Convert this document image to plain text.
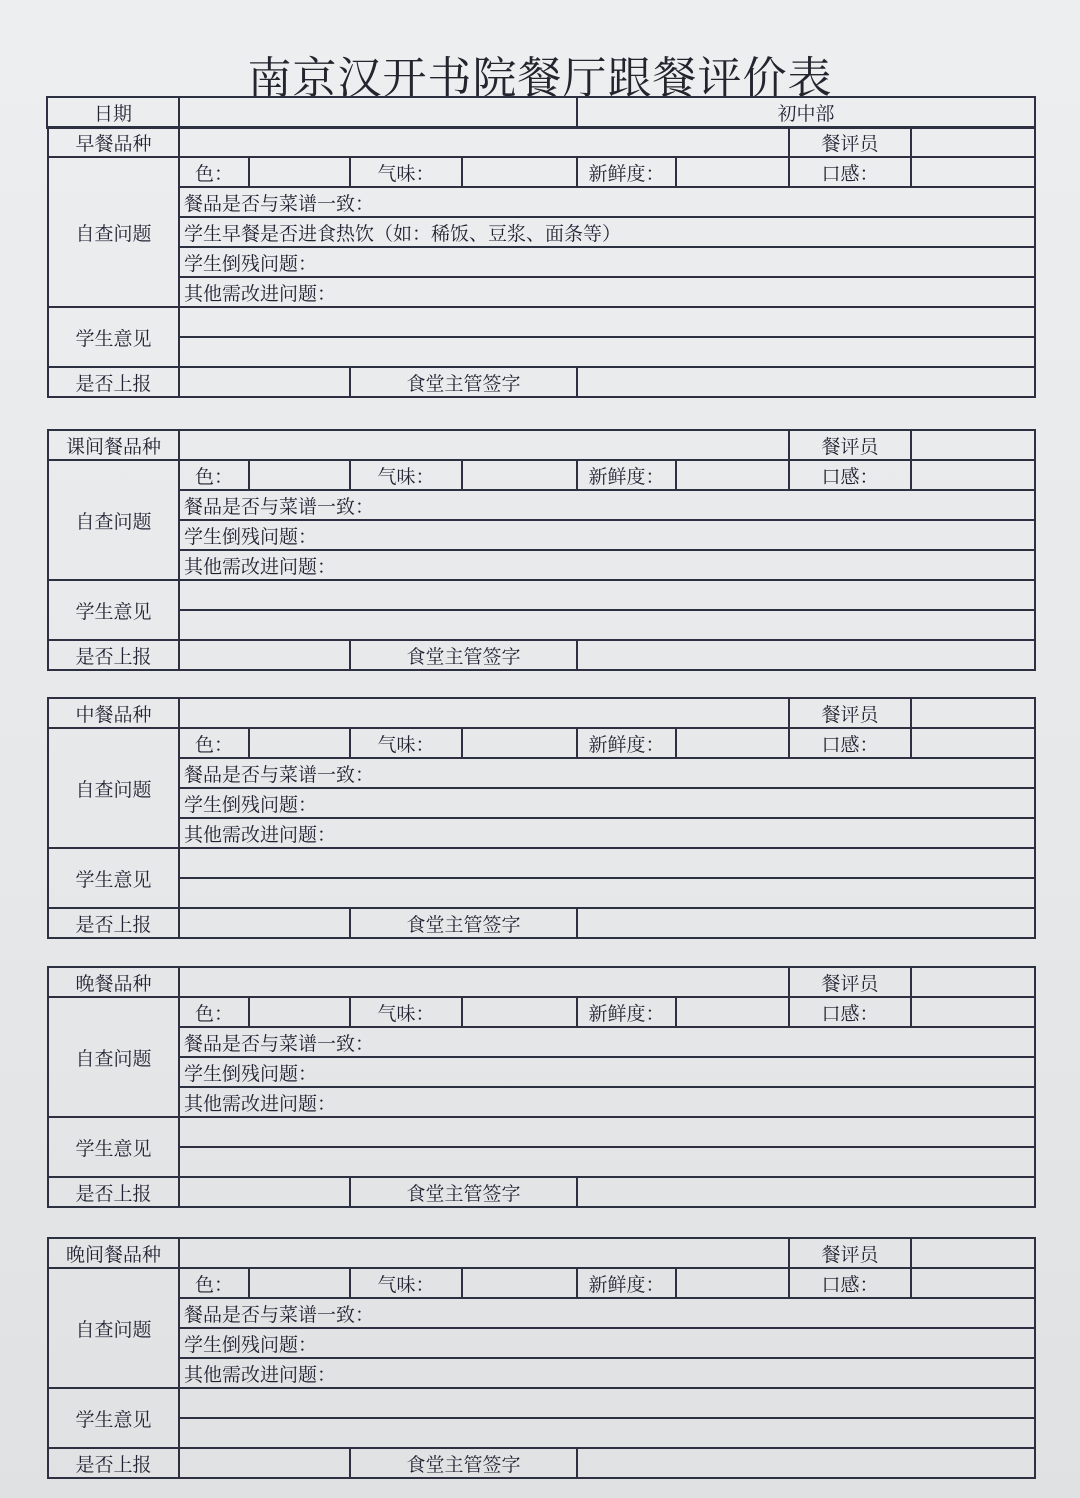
南京汉开书院餐厅跟餐评价表
日期		初中部
早餐品种							餐评员	
自查问题	色：		气味：		新鲜度：		口感：	
	餐品是否与菜谱一致：							
	学生早餐是否进食热饮（如：稀饭、豆浆、面条等）							
	学生倒残问题：							
	其他需改进问题：							
学生意见								

是否上报			食堂主管签字					
课间餐品种							餐评员	
自查问题	色：		气味：		新鲜度：		口感：	
	餐品是否与菜谱一致：							
	学生倒残问题：							
	其他需改进问题：							
学生意见								

是否上报			食堂主管签字					
中餐品种							餐评员	
自查问题	色：		气味：		新鲜度：		口感：	
	餐品是否与菜谱一致：							
	学生倒残问题：							
	其他需改进问题：							
学生意见								

是否上报			食堂主管签字					
晚餐品种							餐评员	
自查问题	色：		气味：		新鲜度：		口感：	
	餐品是否与菜谱一致：							
	学生倒残问题：							
	其他需改进问题：							
学生意见								

是否上报			食堂主管签字					
晚间餐品种							餐评员	
自查问题	色：		气味：		新鲜度：		口感：	
	餐品是否与菜谱一致：							
	学生倒残问题：							
	其他需改进问题：							
学生意见								

是否上报			食堂主管签字					
